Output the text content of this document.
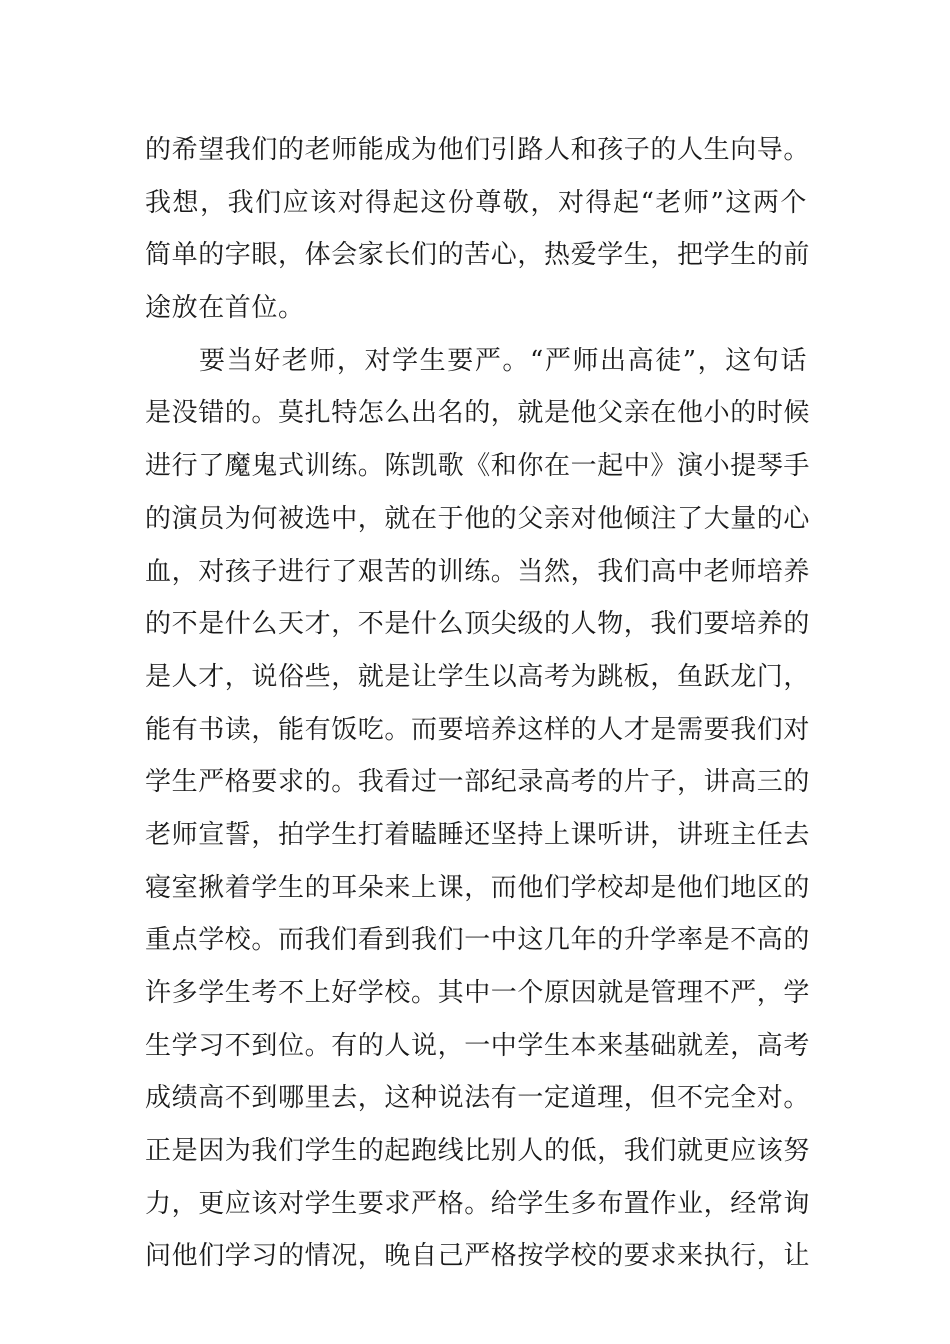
的希望我们的老师能成为他们引路人和孩子的人生向导。
我想，我们应该对得起这份尊敬，对得起“老师”这两个
简单的字眼，体会家长们的苦心，热爱学生，把学生的前
途放在首位。
要当好老师，对学生要严。“严师出高徒”，这句话
是没错的。莫扎特怎么出名的，就是他父亲在他小的时候
进行了魔鬼式训练。陈凯歌《和你在一起中》演小提琴手
的演员为何被选中，就在于他的父亲对他倾注了大量的心
血，对孩子进行了艰苦的训练。当然，我们高中老师培养
的不是什么天才，不是什么顶尖级的人物，我们要培养的
是人才，说俗些，就是让学生以高考为跳板，鱼跃龙门，
能有书读，能有饭吃。而要培养这样的人才是需要我们对
学生严格要求的。我看过一部纪录高考的片子，讲高三的
老师宣誓，拍学生打着瞌睡还坚持上课听讲，讲班主任去
寝室揪着学生的耳朵来上课，而他们学校却是他们地区的
重点学校。而我们看到我们一中这几年的升学率是不高的
许多学生考不上好学校。其中一个原因就是管理不严，学
生学习不到位。有的人说，一中学生本来基础就差，高考
成绩高不到哪里去，这种说法有一定道理，但不完全对。
正是因为我们学生的起跑线比别人的低，我们就更应该努
力，更应该对学生要求严格。给学生多布置作业，经常询
问他们学习的情况，晚自己严格按学校的要求来执行，让
